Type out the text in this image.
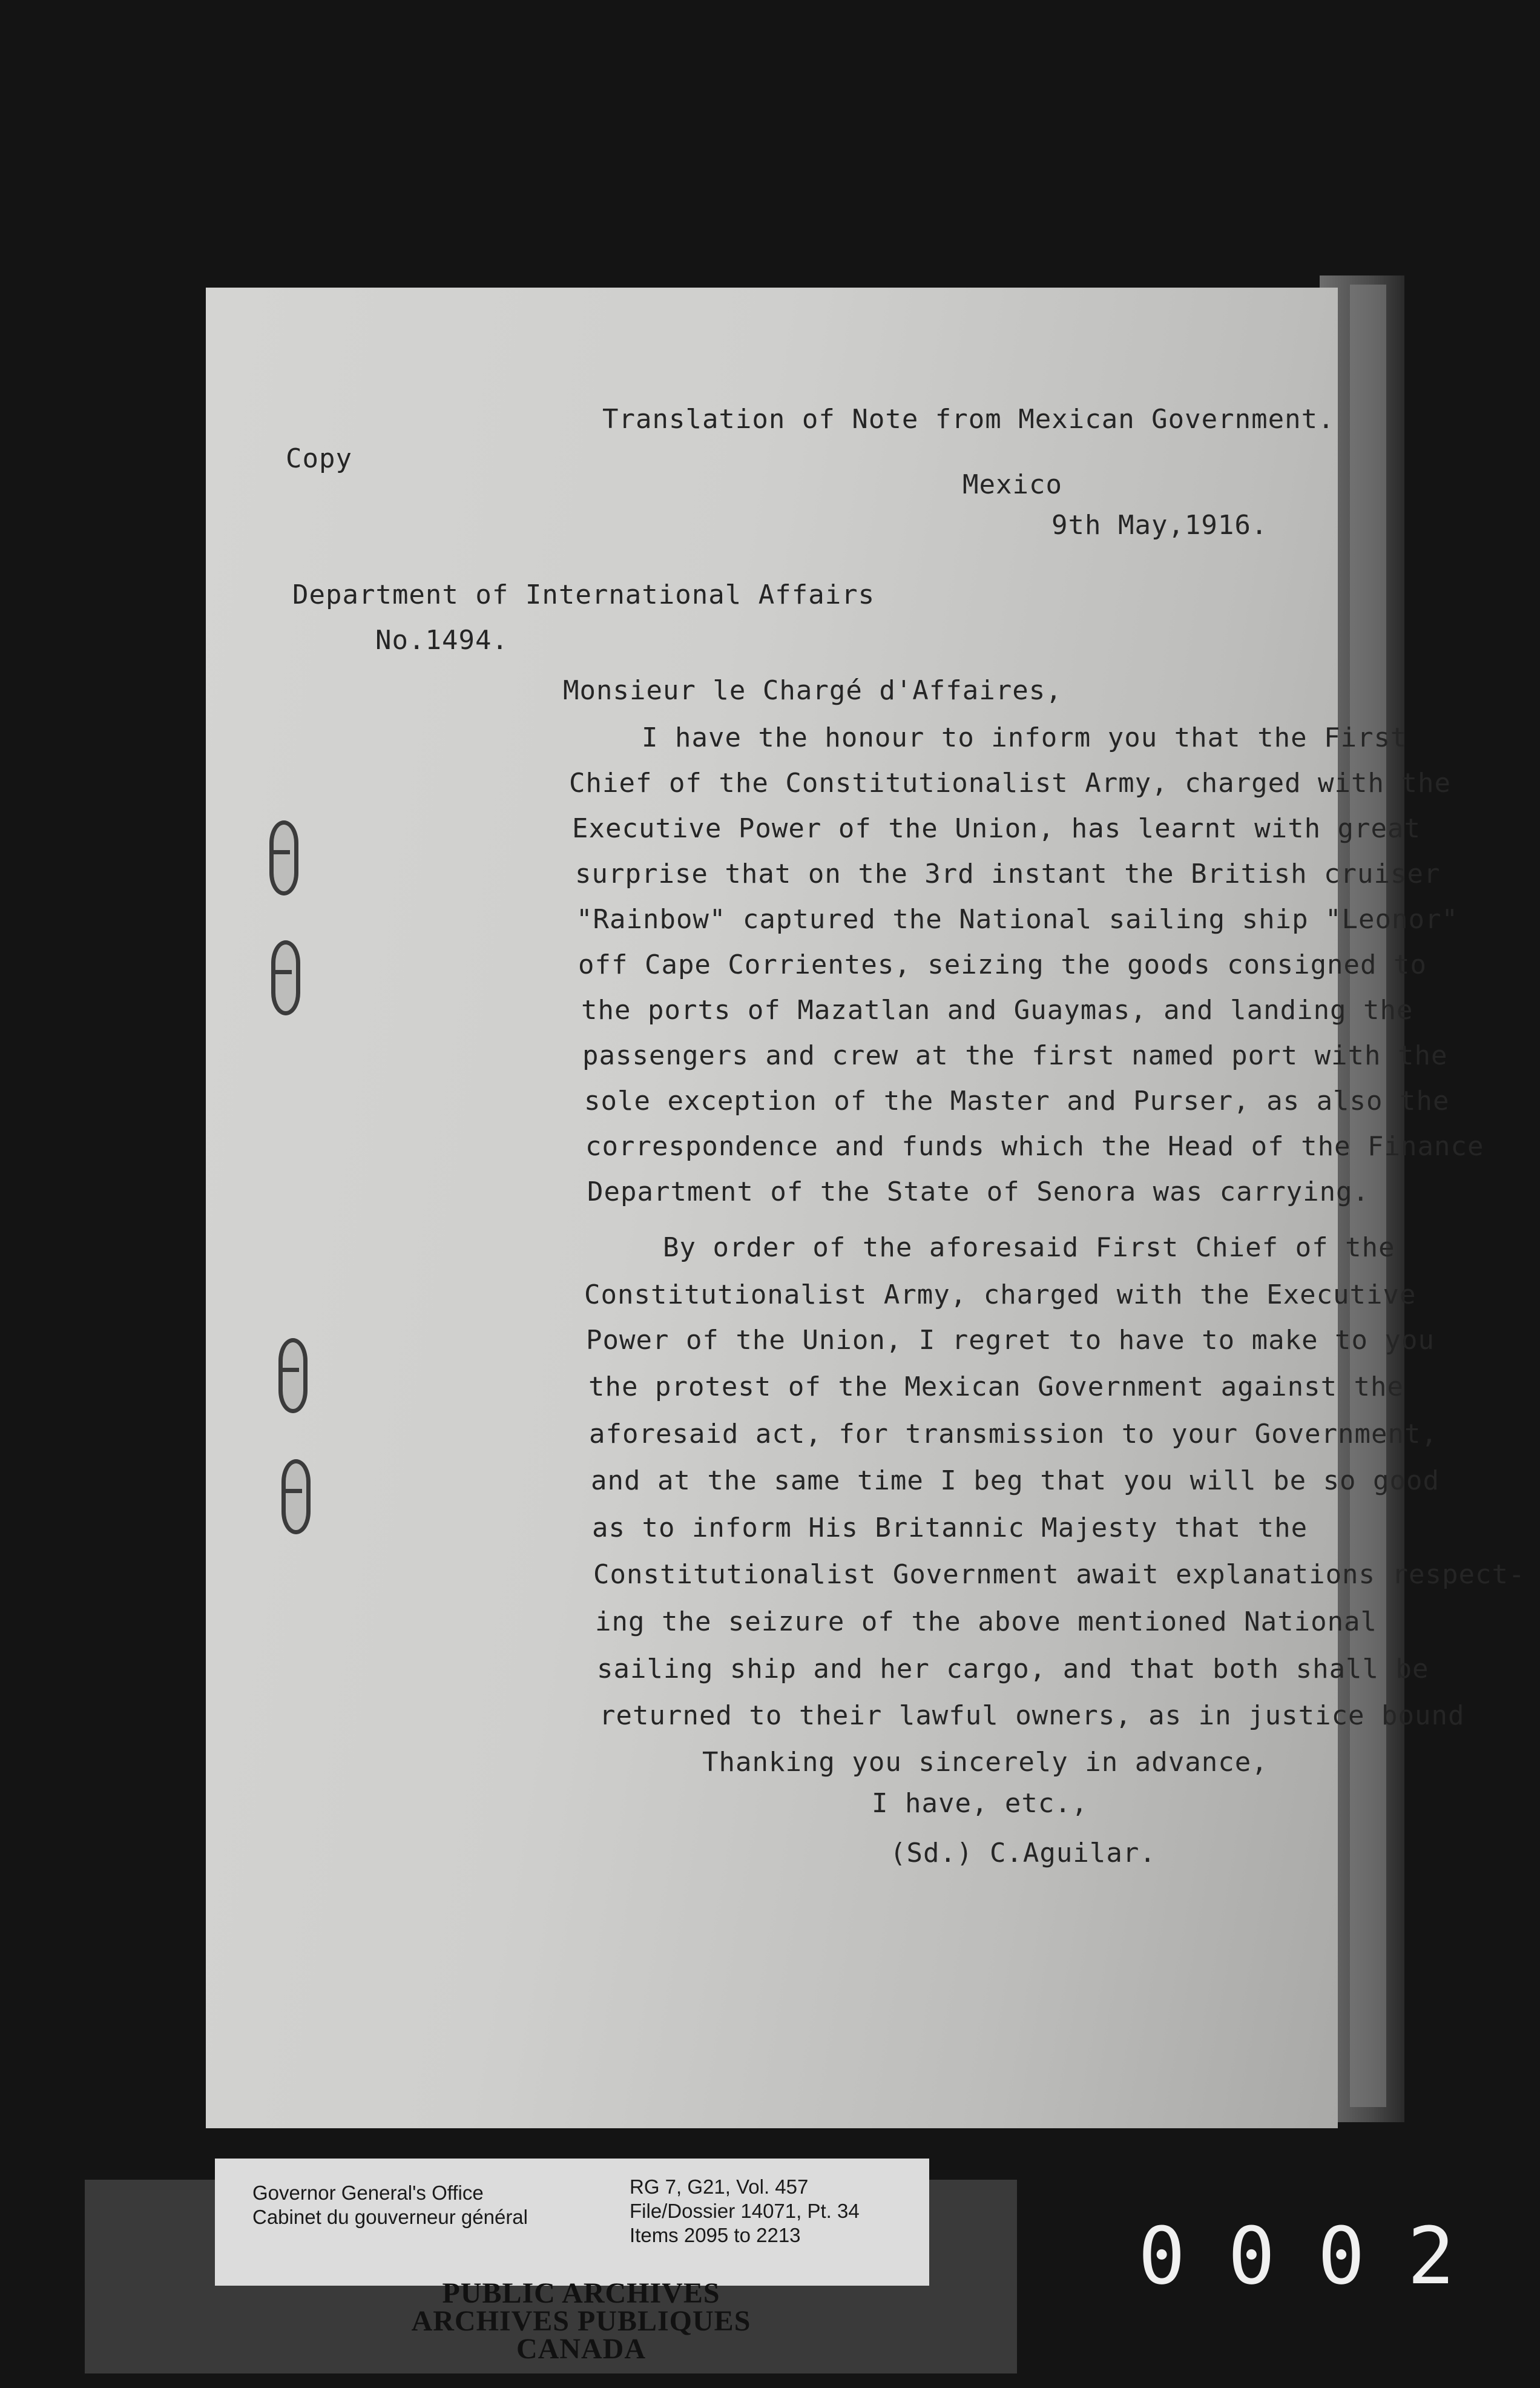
Translation of Note from Mexican Government.
Copy
Mexico
9th May,1916.
Department of International Affairs
No.1494.
Monsieur le Chargé d'Affaires,
I have the honour to inform you that the First
Chief of the Constitutionalist Army, charged with the
Executive Power of the Union, has learnt with great
surprise that on the 3rd instant the British cruiser
"Rainbow" captured the National sailing ship "Leonor"
off Cape Corrientes, seizing the goods consigned to
the ports of Mazatlan and Guaymas, and landing the
passengers and crew at the first named port with the
sole exception of the Master and Purser, as also the
correspondence and funds which the Head of the Finance
Department of the State of Senora was carrying.
By order of the aforesaid First Chief of the
Constitutionalist Army, charged with the Executive
Power of the Union, I regret to have to make to you
the protest of the Mexican Government against the
aforesaid act, for transmission to your Government,
and at the same time I beg that you will be so good
as to inform His Britannic Majesty that the
Constitutionalist Government await explanations respect-
ing the seizure of the above mentioned National
sailing ship and her cargo, and that both shall be
returned to their lawful owners, as in justice bound
Thanking you sincerely in advance,
I have, etc.,
(Sd.) C.Aguilar.
Governor General's Office
Cabinet du gouverneur général
RG 7, G21, Vol. 457
File/Dossier 14071, Pt. 34
Items 2095 to 2213
PUBLIC ARCHIVES
ARCHIVES PUBLIQUES
CANADA
0002
